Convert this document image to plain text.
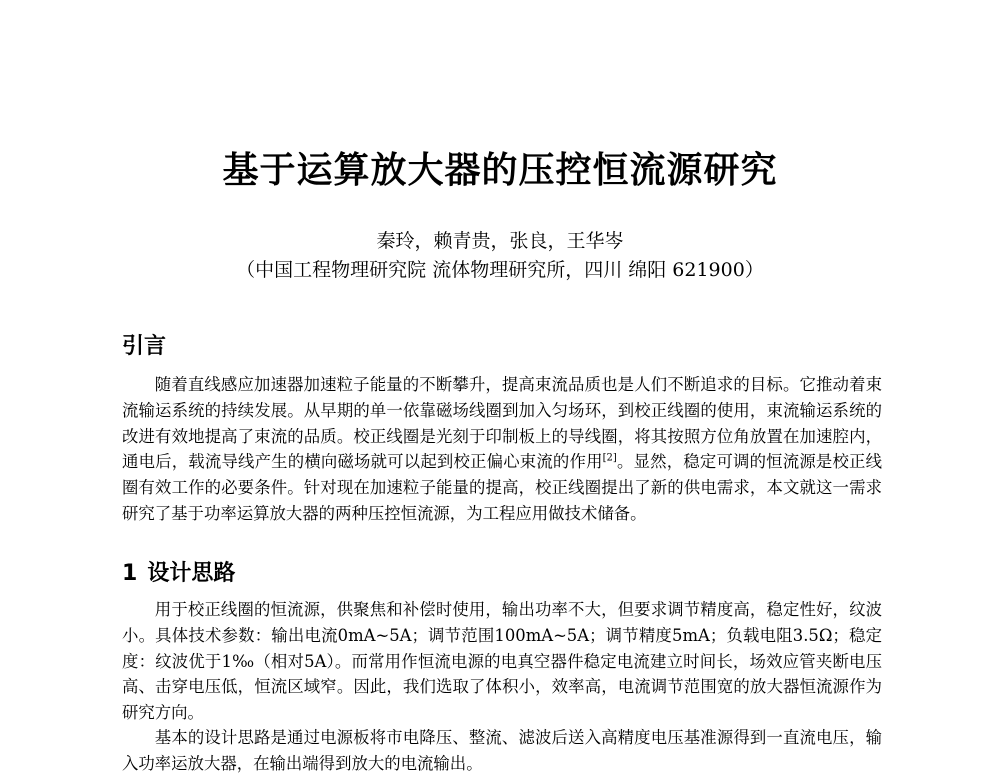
基于运算放大器的压控恒流源研究
秦玲，赖青贵，张良，王华岑
（中国工程物理研究院 流体物理研究所，四川 绵阳 621900）
引言

随着直线感应加速器加速粒子能量的不断攀升，提高束流品质也是人们不断追求的目标。它推动着束流输运系统的持续发展。从早期的单一依靠磁场线圈到加入匀场环，到校正线圈的使用，束流输运系统的改进有效地提高了束流的品质。校正线圈是光刻于印制板上的导线圈，将其按照方位角放置在加速腔内，通电后，载流导线产生的横向磁场就可以起到校正偏心束流的作用[2]。显然，稳定可调的恒流源是校正线圈有效工作的必要条件。针对现在加速粒子能量的提高，校正线圈提出了新的供电需求，本文就这一需求研究了基于功率运算放大器的两种压控恒流源，为工程应用做技术储备。

1 设计思路

用于校正线圈的恒流源，供聚焦和补偿时使用，输出功率不大，但要求调节精度高，稳定性好，纹波小。具体技术参数：输出电流0mA~5A；调节范围100mA~5A；调节精度5mA；负载电阻3.5Ω；稳定度：纹波优于1‰（相对5A）。而常用作恒流电源的电真空器件稳定电流建立时间长，场效应管夹断电压高、击穿电压低，恒流区域窄。因此，我们选取了体积小，效率高，电流调节范围宽的放大器恒流源作为研究方向。

基本的设计思路是通过电源板将市电降压、整流、滤波后送入高精度电压基准源得到一直流电压，输入功率运放大器，在输出端得到放大的电流输出。
